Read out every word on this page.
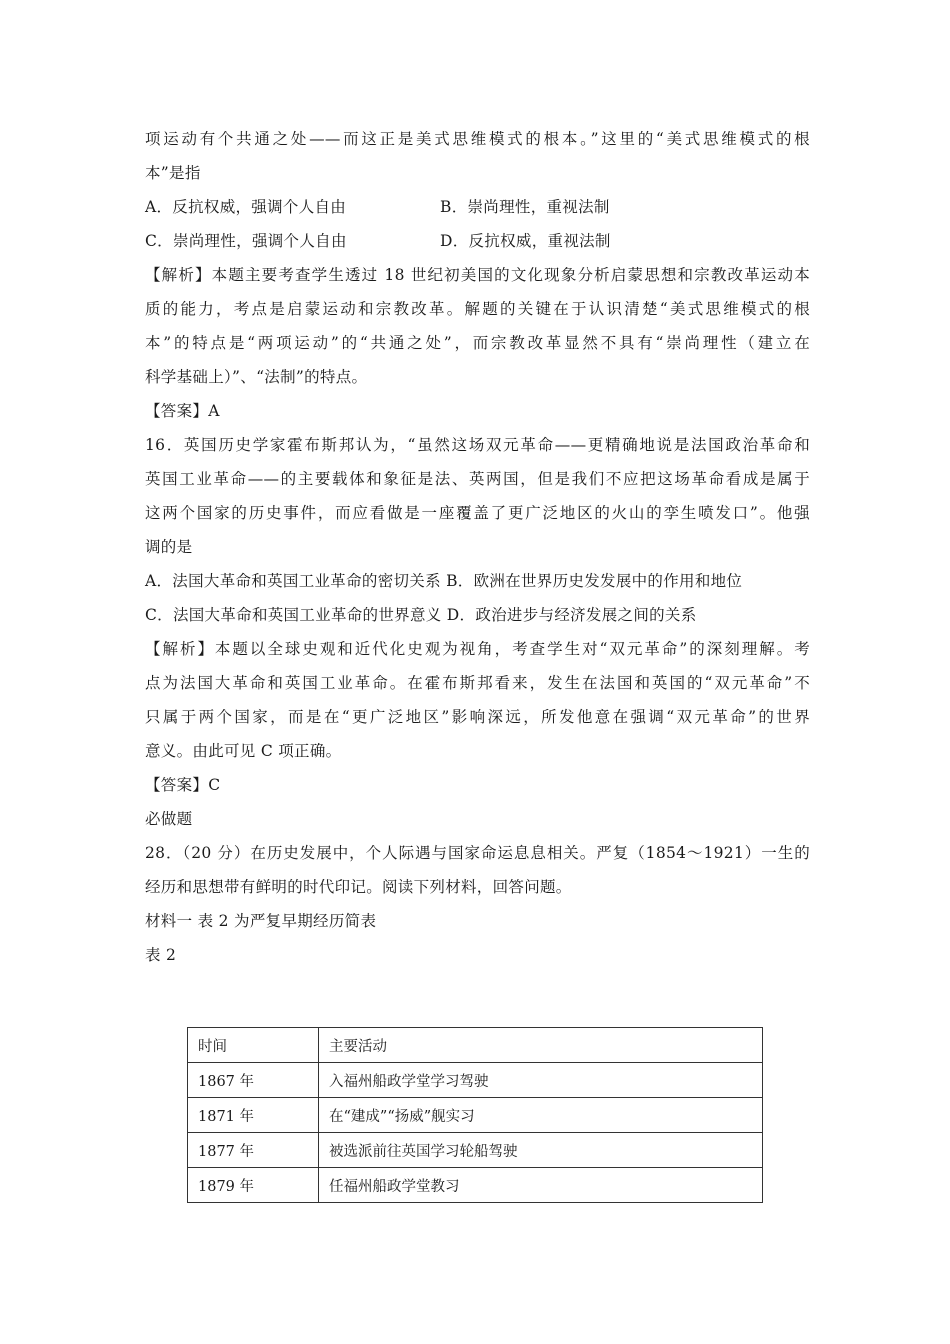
项运动有个共通之处——而这正是美式思维模式的根本。”这里的“美式思维模式的根
本”是指
A．反抗权威，强调个人自由	B．崇尚理性，重视法制
C．崇尚理性，强调个人自由	D．反抗权威，重视法制
【解析】本题主要考查学生透过 18 世纪初美国的文化现象分析启蒙思想和宗教改革运动本
质的能力，考点是启蒙运动和宗教改革。解题的关键在于认识清楚“美式思维模式的根
本”的特点是“两项运动”的“共通之处”，而宗教改革显然不具有“崇尚理性（建立在
科学基础上）”、“法制”的特点。
【答案】A
16．英国历史学家霍布斯邦认为，“虽然这场双元革命——更精确地说是法国政治革命和
英国工业革命——的主要载体和象征是法、英两国，但是我们不应把这场革命看成是属于
这两个国家的历史事件，而应看做是一座覆盖了更广泛地区的火山的孪生喷发口”。他强
调的是
A．法国大革命和英国工业革命的密切关系 B．欧洲在世界历史发发展中的作用和地位
C．法国大革命和英国工业革命的世界意义 D．政治进步与经济发展之间的关系
【解析】本题以全球史观和近代化史观为视角，考查学生对“双元革命”的深刻理解。考
点为法国大革命和英国工业革命。在霍布斯邦看来，发生在法国和英国的“双元革命”不
只属于两个国家，而是在“更广泛地区”影响深远，所发他意在强调“双元革命”的世界
意义。由此可见 C 项正确。
【答案】C
必做题
28．（20 分）在历史发展中，个人际遇与国家命运息息相关。严复（1854～1921）一生的
经历和思想带有鲜明的时代印记。阅读下列材料，回答问题。
材料一 表 2 为严复早期经历简表
表 2
时间	主要活动
1867 年	入福州船政学堂学习驾驶
1871 年	在“建成”“扬威”舰实习
1877 年	被选派前往英国学习轮船驾驶
1879 年	任福州船政学堂教习
